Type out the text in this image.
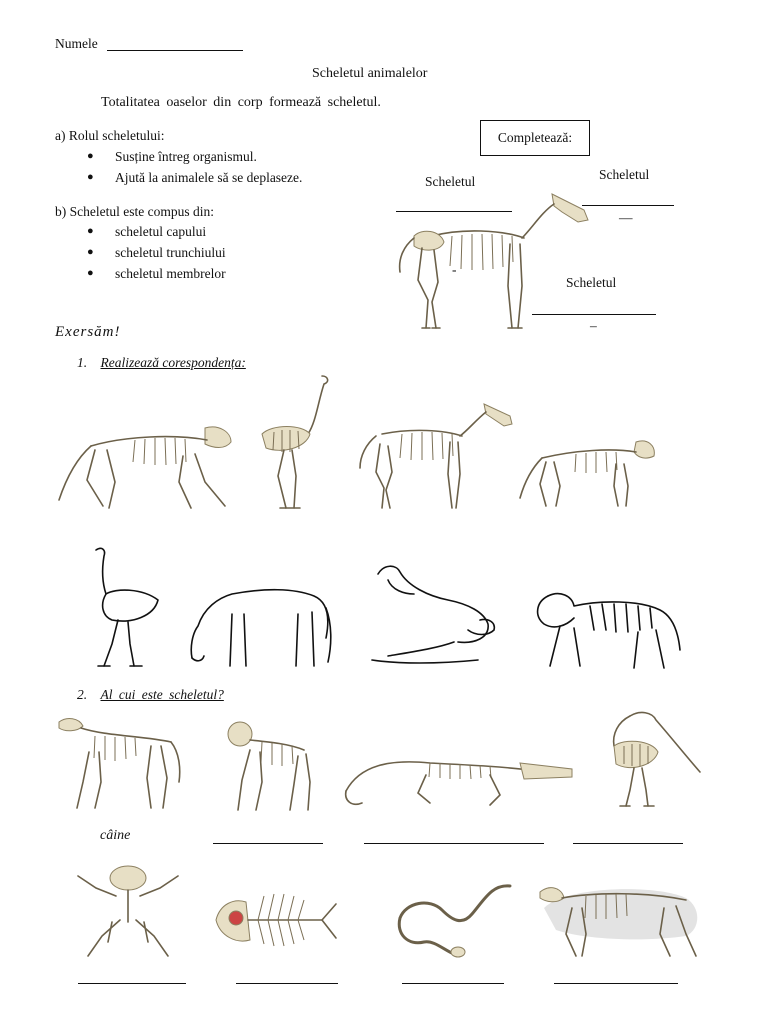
Numele
Scheletul animalelor
Totalitatea oaselor din corp formează scheletul.
a) Rolul scheletului:
● Susține întreg organismul.
● Ajută la animalele să se deplaseze.
b) Scheletul este compus din:
● scheletul capului
● scheletul trunchiului
● scheletul membrelor
Completează:
Scheletul	Scheletul
—
-
Scheletul
–
Exersăm!
1. Realizează corespondența:
2. Al cui este scheletul?
câine
